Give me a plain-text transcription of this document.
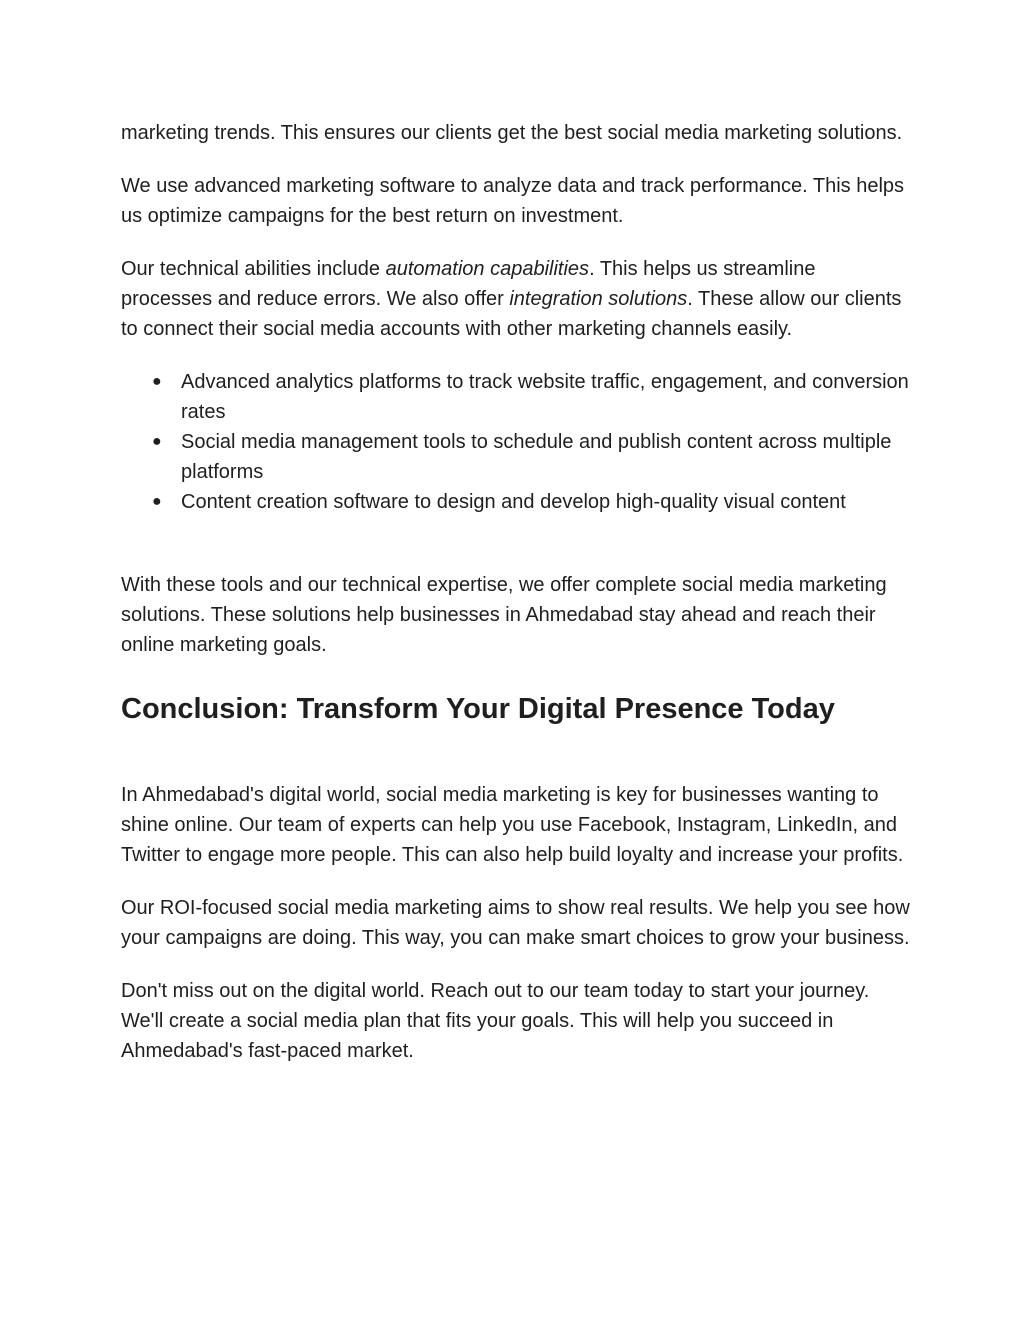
marketing trends. This ensures our clients get the best social media marketing solutions.

We use advanced marketing software to analyze data and track performance. This helps us optimize campaigns for the best return on investment.

Our technical abilities include automation capabilities. This helps us streamline processes and reduce errors. We also offer integration solutions. These allow our clients to connect their social media accounts with other marketing channels easily.

● Advanced analytics platforms to track website traffic, engagement, and conversion rates
● Social media management tools to schedule and publish content across multiple platforms
● Content creation software to design and develop high-quality visual content

With these tools and our technical expertise, we offer complete social media marketing solutions. These solutions help businesses in Ahmedabad stay ahead and reach their online marketing goals.

Conclusion: Transform Your Digital Presence Today

In Ahmedabad's digital world, social media marketing is key for businesses wanting to shine online. Our team of experts can help you use Facebook, Instagram, LinkedIn, and Twitter to engage more people. This can also help build loyalty and increase your profits.

Our ROI-focused social media marketing aims to show real results. We help you see how your campaigns are doing. This way, you can make smart choices to grow your business.

Don't miss out on the digital world. Reach out to our team today to start your journey. We'll create a social media plan that fits your goals. This will help you succeed in Ahmedabad's fast-paced market.
